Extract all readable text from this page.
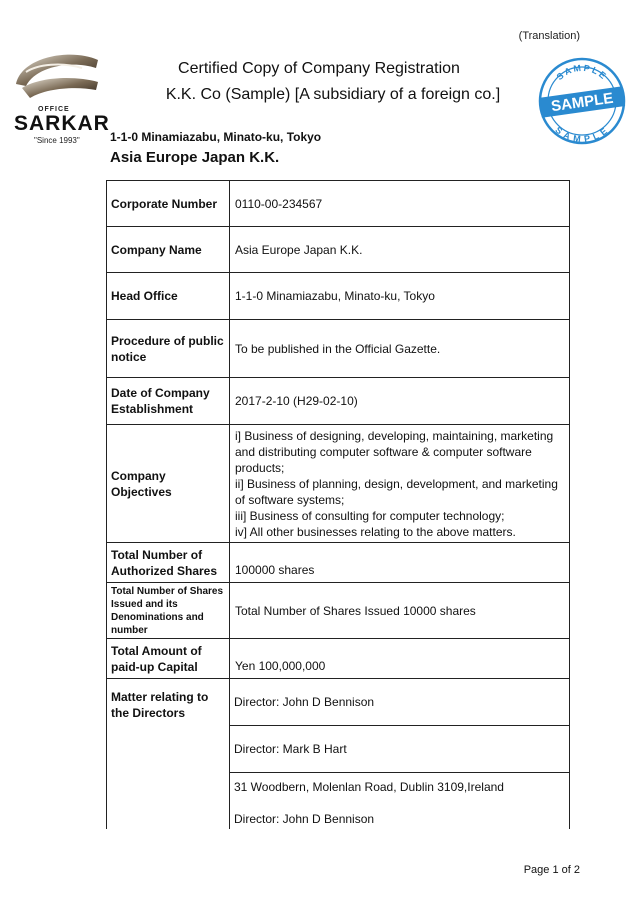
(Translation)
OFFICE
SARKAR
"Since 1993"
Certified Copy of Company Registration
K.K. Co (Sample) [A subsidiary of a foreign co.]
SAMPLE
SAMPLE
SAMPLE
1-1-0 Minamiazabu, Minato-ku, Tokyo
Asia Europe Japan K.K.
Corporate Number	0110-00-234567
Company Name	Asia Europe Japan K.K.
Head Office	1-1-0 Minamiazabu, Minato-ku, Tokyo
Procedure of public notice	To be published in the Official Gazette.
Date of Company Establishment	2017-2-10 (H29-02-10)
Company Objectives	i] Business of designing, developing, maintaining, marketing and distributing computer software & computer software products;
ii] Business of planning, design, development, and marketing of software systems;
iii] Business of consulting for computer technology;
iv] All other businesses relating to the above matters.

Total Number of Authorized Shares	100000 shares
Total Number of Shares Issued and its Denominations and number	Total Number of Shares Issued 10000 shares
Total Amount of paid-up Capital	Yen 100,000,000
Matter relating to the Directors	Director: John D Bennison
Director: Mark B Hart
31 Woodbern, Molenlan Road, Dublin 3109,Ireland
Director: John D Bennison
Page 1 of 2
